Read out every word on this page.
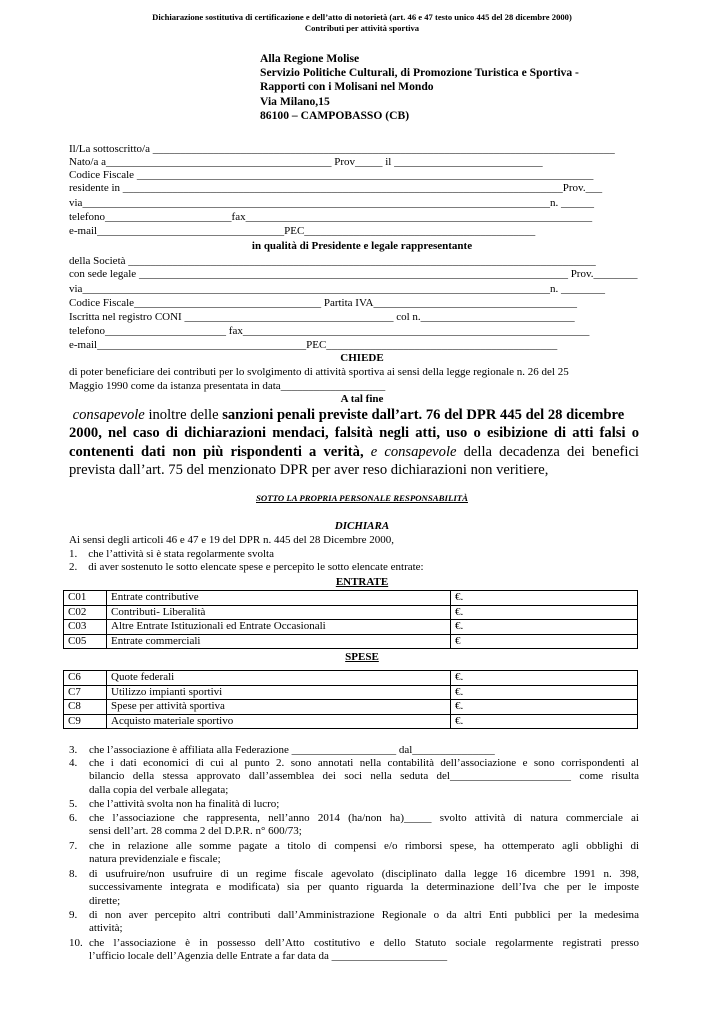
Dichiarazione sostitutiva di certificazione e dell’atto di notorietà (art. 46 e 47 testo unico 445 del 28 dicembre 2000)
Contributi per attività sportiva
Alla Regione Molise
Servizio Politiche Culturali, di Promozione Turistica e Sportiva -
Rapporti con i Molisani nel Mondo
Via Milano,15
86100 – CAMPOBASSO (CB)
Il/La sottoscritto/a ____________________________________________________________________________________
Nato/a a_________________________________________ Prov_____ il ___________________________
Codice Fiscale ___________________________________________________________________________________
residente in ________________________________________________________________________________Prov.___
via_____________________________________________________________________________________n. ______
telefono_______________________fax_______________________________________________________________
e-mail__________________________________PEC__________________________________________
in qualità di Presidente e legale rappresentante
della Società _____________________________________________________________________________________
con sede legale ______________________________________________________________________________ Prov.________
via_____________________________________________________________________________________n. ________
Codice Fiscale__________________________________ Partita IVA_____________________________________
Iscritta nel registro CONI ______________________________________ col n.____________________________
telefono______________________ fax_______________________________________________________________
e-mail______________________________________PEC__________________________________________
CHIEDE
di poter beneficiare dei contributi per lo svolgimento di attività sportiva ai sensi della legge regionale n. 26 del 25
Maggio 1990 come da istanza presentata in data___________________
A tal fine
consapevole inoltre delle sanzioni penali previste dall’art. 76 del DPR 445 del 28 dicembre
2000, nel caso di dichiarazioni mendaci, falsità negli atti, uso o esibizione di atti falsi o
contenenti dati non più rispondenti a verità, e consapevole della decadenza dei benefici
prevista dall’art. 75 del menzionato DPR per aver reso dichiarazioni non veritiere,
SOTTO LA PROPRIA PERSONALE RESPONSABILITÀ
DICHIARA
Ai sensi degli articoli 46 e 47 e 19 del DPR n. 445 del 28 Dicembre 2000,
1.    che l’attività si è stata regolarmente svolta
2.    di aver sostenuto le sotto elencate spese e percepito le sotto elencate entrate:
ENTRATE
C01	Entrate contributive	€.
C02	Contributi- Liberalità	€.
C03	Altre Entrate Istituzionali ed Entrate Occasionali	€.
C05	Entrate commerciali	€
SPESE
C6	Quote federali	€.
C7	Utilizzo impianti sportivi	€.
C8	Spese per attività sportiva	€.
C9	Acquisto materiale sportivo	€.
3. che l’associazione è affiliata alla Federazione ___________________ dal_______________
4. che i dati economici di cui al punto 2. sono annotati nella contabilità dell’associazione e sono corrispondenti al
bilancio della stessa approvato dall’assemblea dei soci nella seduta del______________________ come risulta
dalla copia del verbale allegata;
5. che l’attività svolta non ha finalità di lucro;
6. che l’associazione che rappresenta, nell’anno 2014 (ha/non ha)_____ svolto attività di natura commerciale ai
sensi dell’art. 28 comma 2 del D.P.R. n° 600/73;
7. che in relazione alle somme pagate a titolo di compensi e/o rimborsi spese, ha ottemperato agli obblighi di
natura previdenziale e fiscale;
8. di usufruire/non usufruire di un regime fiscale agevolato (disciplinato dalla legge 16 dicembre 1991 n. 398,
successivamente integrata e modificata) sia per quanto riguarda la determinazione dell’Iva che per le imposte
dirette;
9. di non aver percepito altri contributi dall’Amministrazione Regionale o da altri Enti pubblici per la medesima
attività;
10. che l’associazione è in possesso dell’Atto costitutivo e dello Statuto sociale regolarmente registrati presso
l’ufficio locale dell’Agenzia delle Entrate a far data da _____________________
